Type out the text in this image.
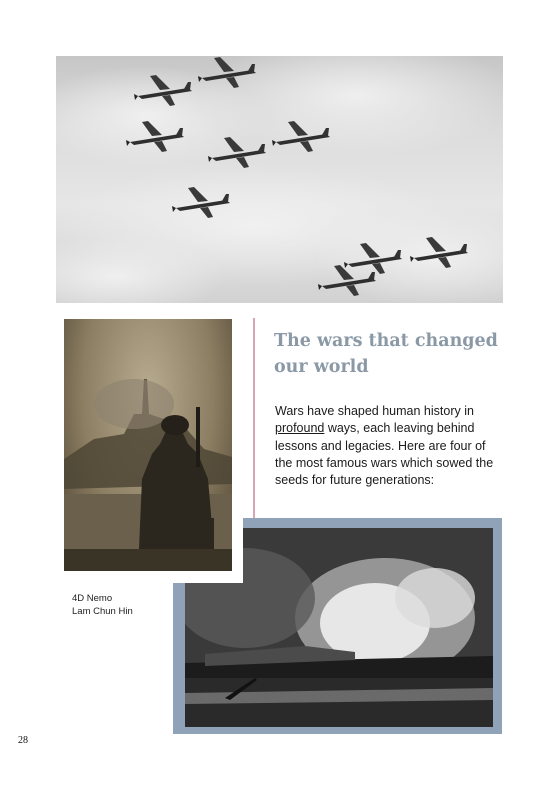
The wars that changed our world
Wars have shaped human history in profound ways, each leaving behind lessons and legacies. Here are four of the most famous wars which sowed the seeds for future generations:
4D Nemo
Lam Chun Hin
28
